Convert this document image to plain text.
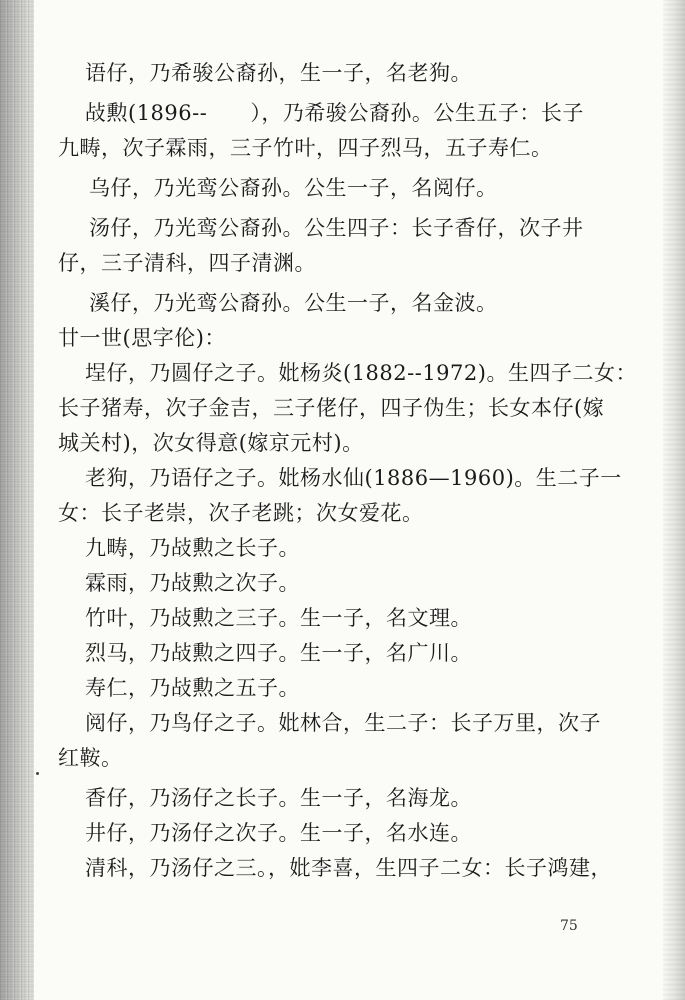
语仔，乃希骏公裔孙，生一子，名老狗。
敁勲(1896--　　），乃希骏公裔孙。公生五子：长子
九畴，次子霖雨，三子竹叶，四子烈马，五子寿仁。
乌仔，乃光鸾公裔孙。公生一子，名阅仔。
汤仔，乃光鸾公裔孙。公生四子：长子香仔，次子井
仔，三子清科，四子清渊。
溪仔，乃光鸾公裔孙。公生一子，名金波。
廿一世(思字伦)：
埕仔，乃圆仔之子。妣杨炎(1882--1972)。生四子二女：
长子猪寿，次子金吉，三子佬仔，四子伪生；长女本仔(嫁
城关村)，次女得意(嫁京元村)。
老狗，乃语仔之子。妣杨水仙(1886—1960)。生二子一
女：长子老崇，次子老跳；次女爱花。
九畴，乃敁勲之长子。
霖雨，乃敁勲之次子。
竹叶，乃敁勲之三子。生一子，名文理。
烈马，乃敁勲之四子。生一子，名广川。
寿仁，乃敁勲之五子。
阅仔，乃鸟仔之子。妣林合，生二子：长子万里，次子
红鞍。
香仔，乃汤仔之长子。生一子，名海龙。
井仔，乃汤仔之次子。生一子，名水连。
清科，乃汤仔之三。，妣李喜，生四子二女：长子鸿建，
75
